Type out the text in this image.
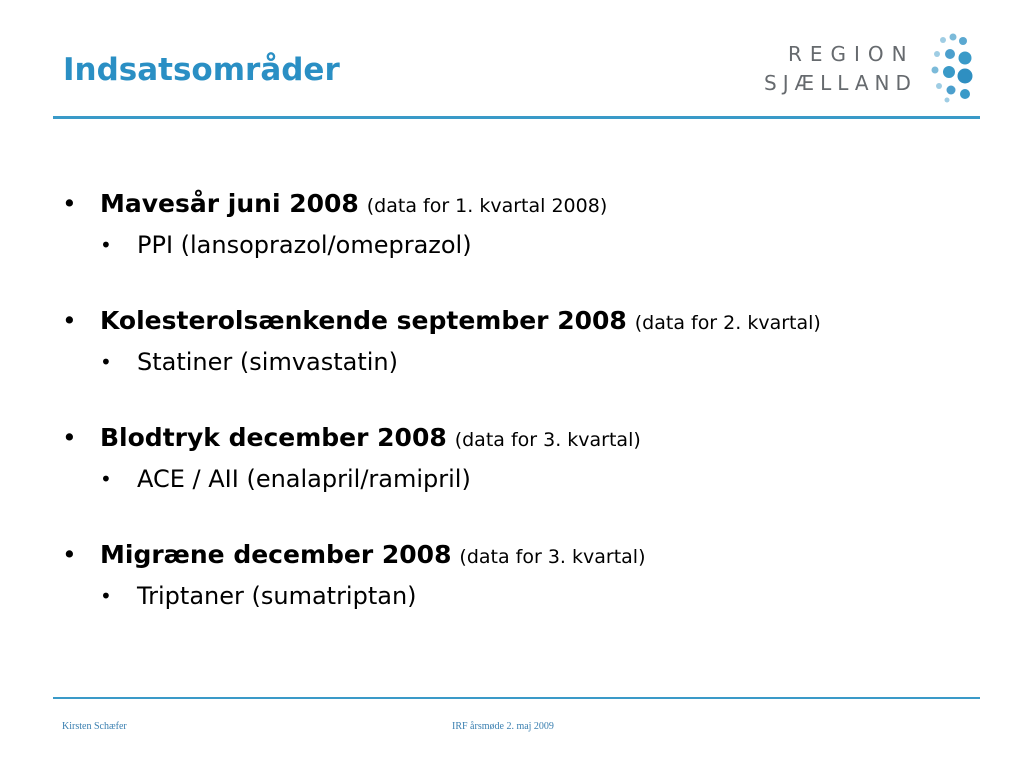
Indsatsområder	REGION
SJÆLLAND
• Mavesår juni 2008 (data for 1. kvartal 2008)
• PPI (lansoprazol/omeprazol)
• Kolesterolsænkende september 2008 (data for 2. kvartal)
• Statiner (simvastatin)
• Blodtryk december 2008 (data for 3. kvartal)
• ACE / AII (enalapril/ramipril)
• Migræne december 2008 (data for 3. kvartal)
• Triptaner (sumatriptan)
Kirsten Schæfer	IRF årsmøde 2. maj 2009
